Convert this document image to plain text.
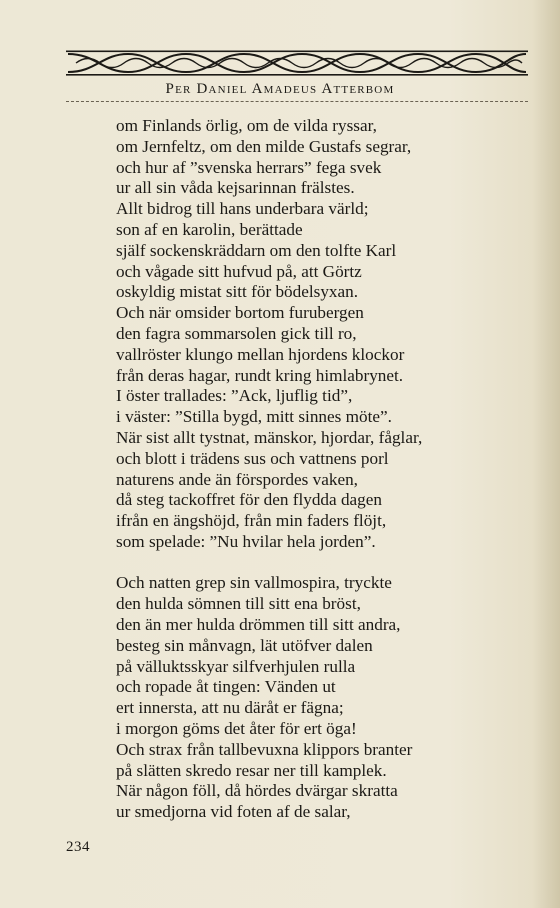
Per Daniel Amadeus Atterbom
om Finlands örlig, om de vilda ryssar,
om Jernfeltz, om den milde Gustafs segrar,
och hur af ”svenska herrars” fega svek
ur all sin våda kejsarinnan frälstes.
Allt bidrog till hans underbara värld;
son af en karolin, berättade
själf sockenskräddarn om den tolfte Karl
och vågade sitt hufvud på, att Görtz
oskyldig mistat sitt för bödelsyxan.
Och när omsider bortom furubergen
den fagra sommarsolen gick till ro,
vallröster klungo mellan hjordens klockor
från deras hagar, rundt kring himlabrynet.
I öster trallades: ”Ack, ljuflig tid”,
i väster: ”Stilla bygd, mitt sinnes möte”.
När sist allt tystnat, mänskor, hjordar, fåglar,
och blott i trädens sus och vattnens porl
naturens ande än förspordes vaken,
då steg tackoffret för den flydda dagen
ifrån en ängshöjd, från min faders flöjt,
som spelade: ”Nu hvilar hela jorden”.
Och natten grep sin vallmospira, tryckte
den hulda sömnen till sitt ena bröst,
den än mer hulda drömmen till sitt andra,
besteg sin månvagn, lät utöfver dalen
på välluktsskyar silfverhjulen rulla
och ropade åt tingen: Vänden ut
ert innersta, att nu däråt er fägna;
i morgon göms det åter för ert öga!
Och strax från tallbevuxna klippors branter
på slätten skredo resar ner till kamplek.
När någon föll, då hördes dvärgar skratta
ur smedjorna vid foten af de salar,
234
